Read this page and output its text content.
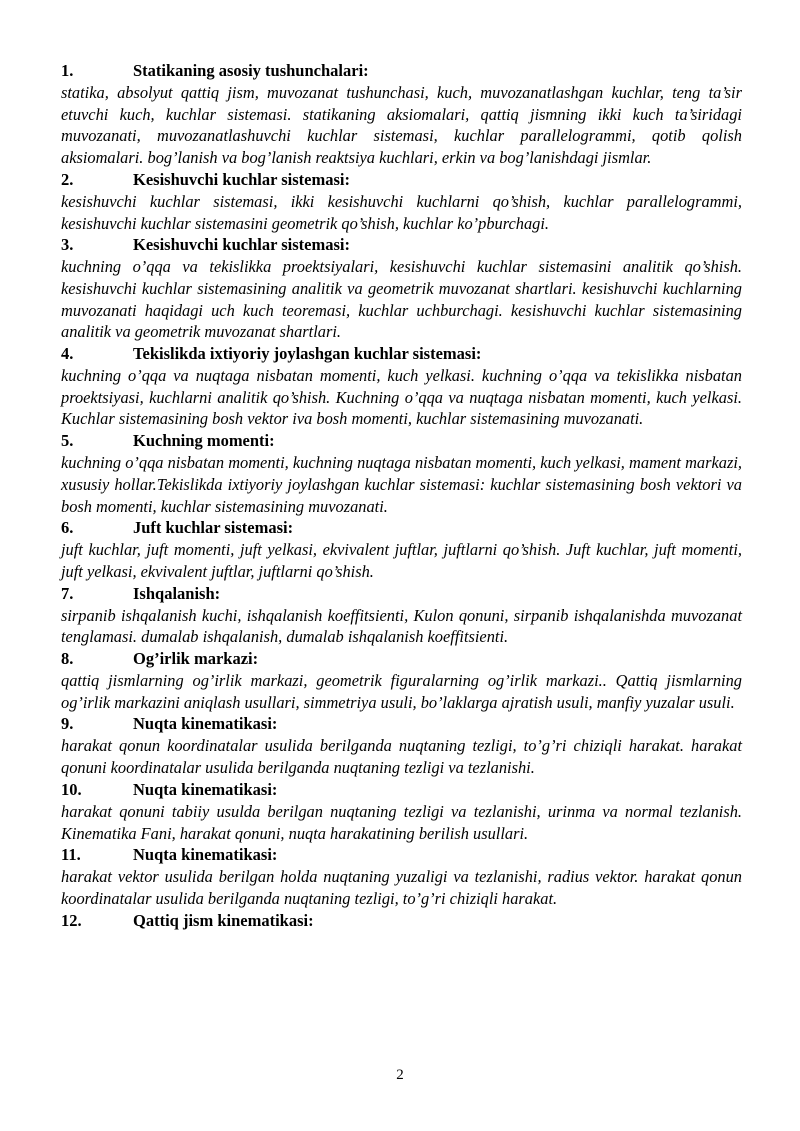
1.	Statikaning asosiy tushunchalari:
statika, absolyut qattiq jism, muvozanat tushunchasi, kuch, muvozanatlashgan kuchlar, teng ta’sir etuvchi kuch, kuchlar sistemasi. statikaning aksiomalari, qattiq jismning ikki kuch ta’siridagi muvozanati, muvozanatlashuvchi kuchlar sistemasi, kuchlar parallelogrammi, qotib qolish aksiomalari. bog’lanish va bog’lanish reaktsiya kuchlari, erkin va bog’lanishdagi jismlar.
2.	Kesishuvchi kuchlar sistemasi:
kesishuvchi kuchlar sistemasi, ikki kesishuvchi kuchlarni qo’shish, kuchlar parallelogrammi, kesishuvchi kuchlar sistemasini geometrik qo’shish, kuchlar ko’pburchagi.
3.	Kesishuvchi kuchlar sistemasi:
kuchning o’qqa va tekislikka proektsiyalari, kesishuvchi kuchlar sistemasini analitik qo’shish. kesishuvchi kuchlar sistemasining analitik va geometrik muvozanat shartlari. kesishuvchi kuchlarning muvozanati haqidagi uch kuch teoremasi, kuchlar uchburchagi. kesishuvchi kuchlar sistemasining analitik va geometrik muvozanat shartlari.
4.	Tekislikda ixtiyoriy joylashgan kuchlar sistemasi:
kuchning o’qqa va nuqtaga nisbatan momenti, kuch yelkasi. kuchning o’qqa va tekislikka nisbatan proektsiyasi, kuchlarni analitik qo’shish. Kuchning o’qqa va nuqtaga nisbatan momenti, kuch yelkasi. Kuchlar sistemasining bosh vektor iva bosh momenti, kuchlar sistemasining muvozanati.
5.	Kuchning momenti:
kuchning o’qqa nisbatan momenti, kuchning nuqtaga nisbatan momenti, kuch yelkasi, mament markazi, xususiy hollar.Tekislikda ixtiyoriy joylashgan kuchlar sistemasi: kuchlar sistemasining bosh vektori va bosh momenti, kuchlar sistemasining muvozanati.
6.	Juft kuchlar sistemasi:
juft kuchlar, juft momenti, juft yelkasi, ekvivalent juftlar, juftlarni qo’shish. Juft kuchlar, juft momenti, juft yelkasi, ekvivalent juftlar, juftlarni qo’shish.
7.	Ishqalanish:
sirpanib ishqalanish kuchi, ishqalanish koeffitsienti, Kulon qonuni, sirpanib ishqalanishda muvozanat tenglamasi. dumalab ishqalanish, dumalab ishqalanish koeffitsienti.
8.	Og’irlik markazi:
qattiq jismlarning og’irlik markazi, geometrik figuralarning og’irlik markazi.. Qattiq jismlarning og’irlik markazini aniqlash usullari, simmetriya usuli, bo’laklarga ajratish usuli, manfiy yuzalar usuli.
9.	Nuqta kinematikasi:
harakat qonun koordinatalar usulida berilganda nuqtaning tezligi, to’g’ri chiziqli harakat. harakat qonuni koordinatalar usulida berilganda nuqtaning tezligi va tezlanishi.
10.	Nuqta kinematikasi:
harakat qonuni tabiiy usulda berilgan nuqtaning tezligi va tezlanishi, urinma va normal tezlanish. Kinematika Fani, harakat qonuni, nuqta harakatining berilish usullari.
11.	Nuqta kinematikasi:
harakat vektor usulida berilgan holda nuqtaning yuzaligi va tezlanishi, radius vektor. harakat qonun koordinatalar usulida berilganda nuqtaning tezligi, to’g’ri chiziqli harakat.
12.	Qattiq jism kinematikasi:
2
